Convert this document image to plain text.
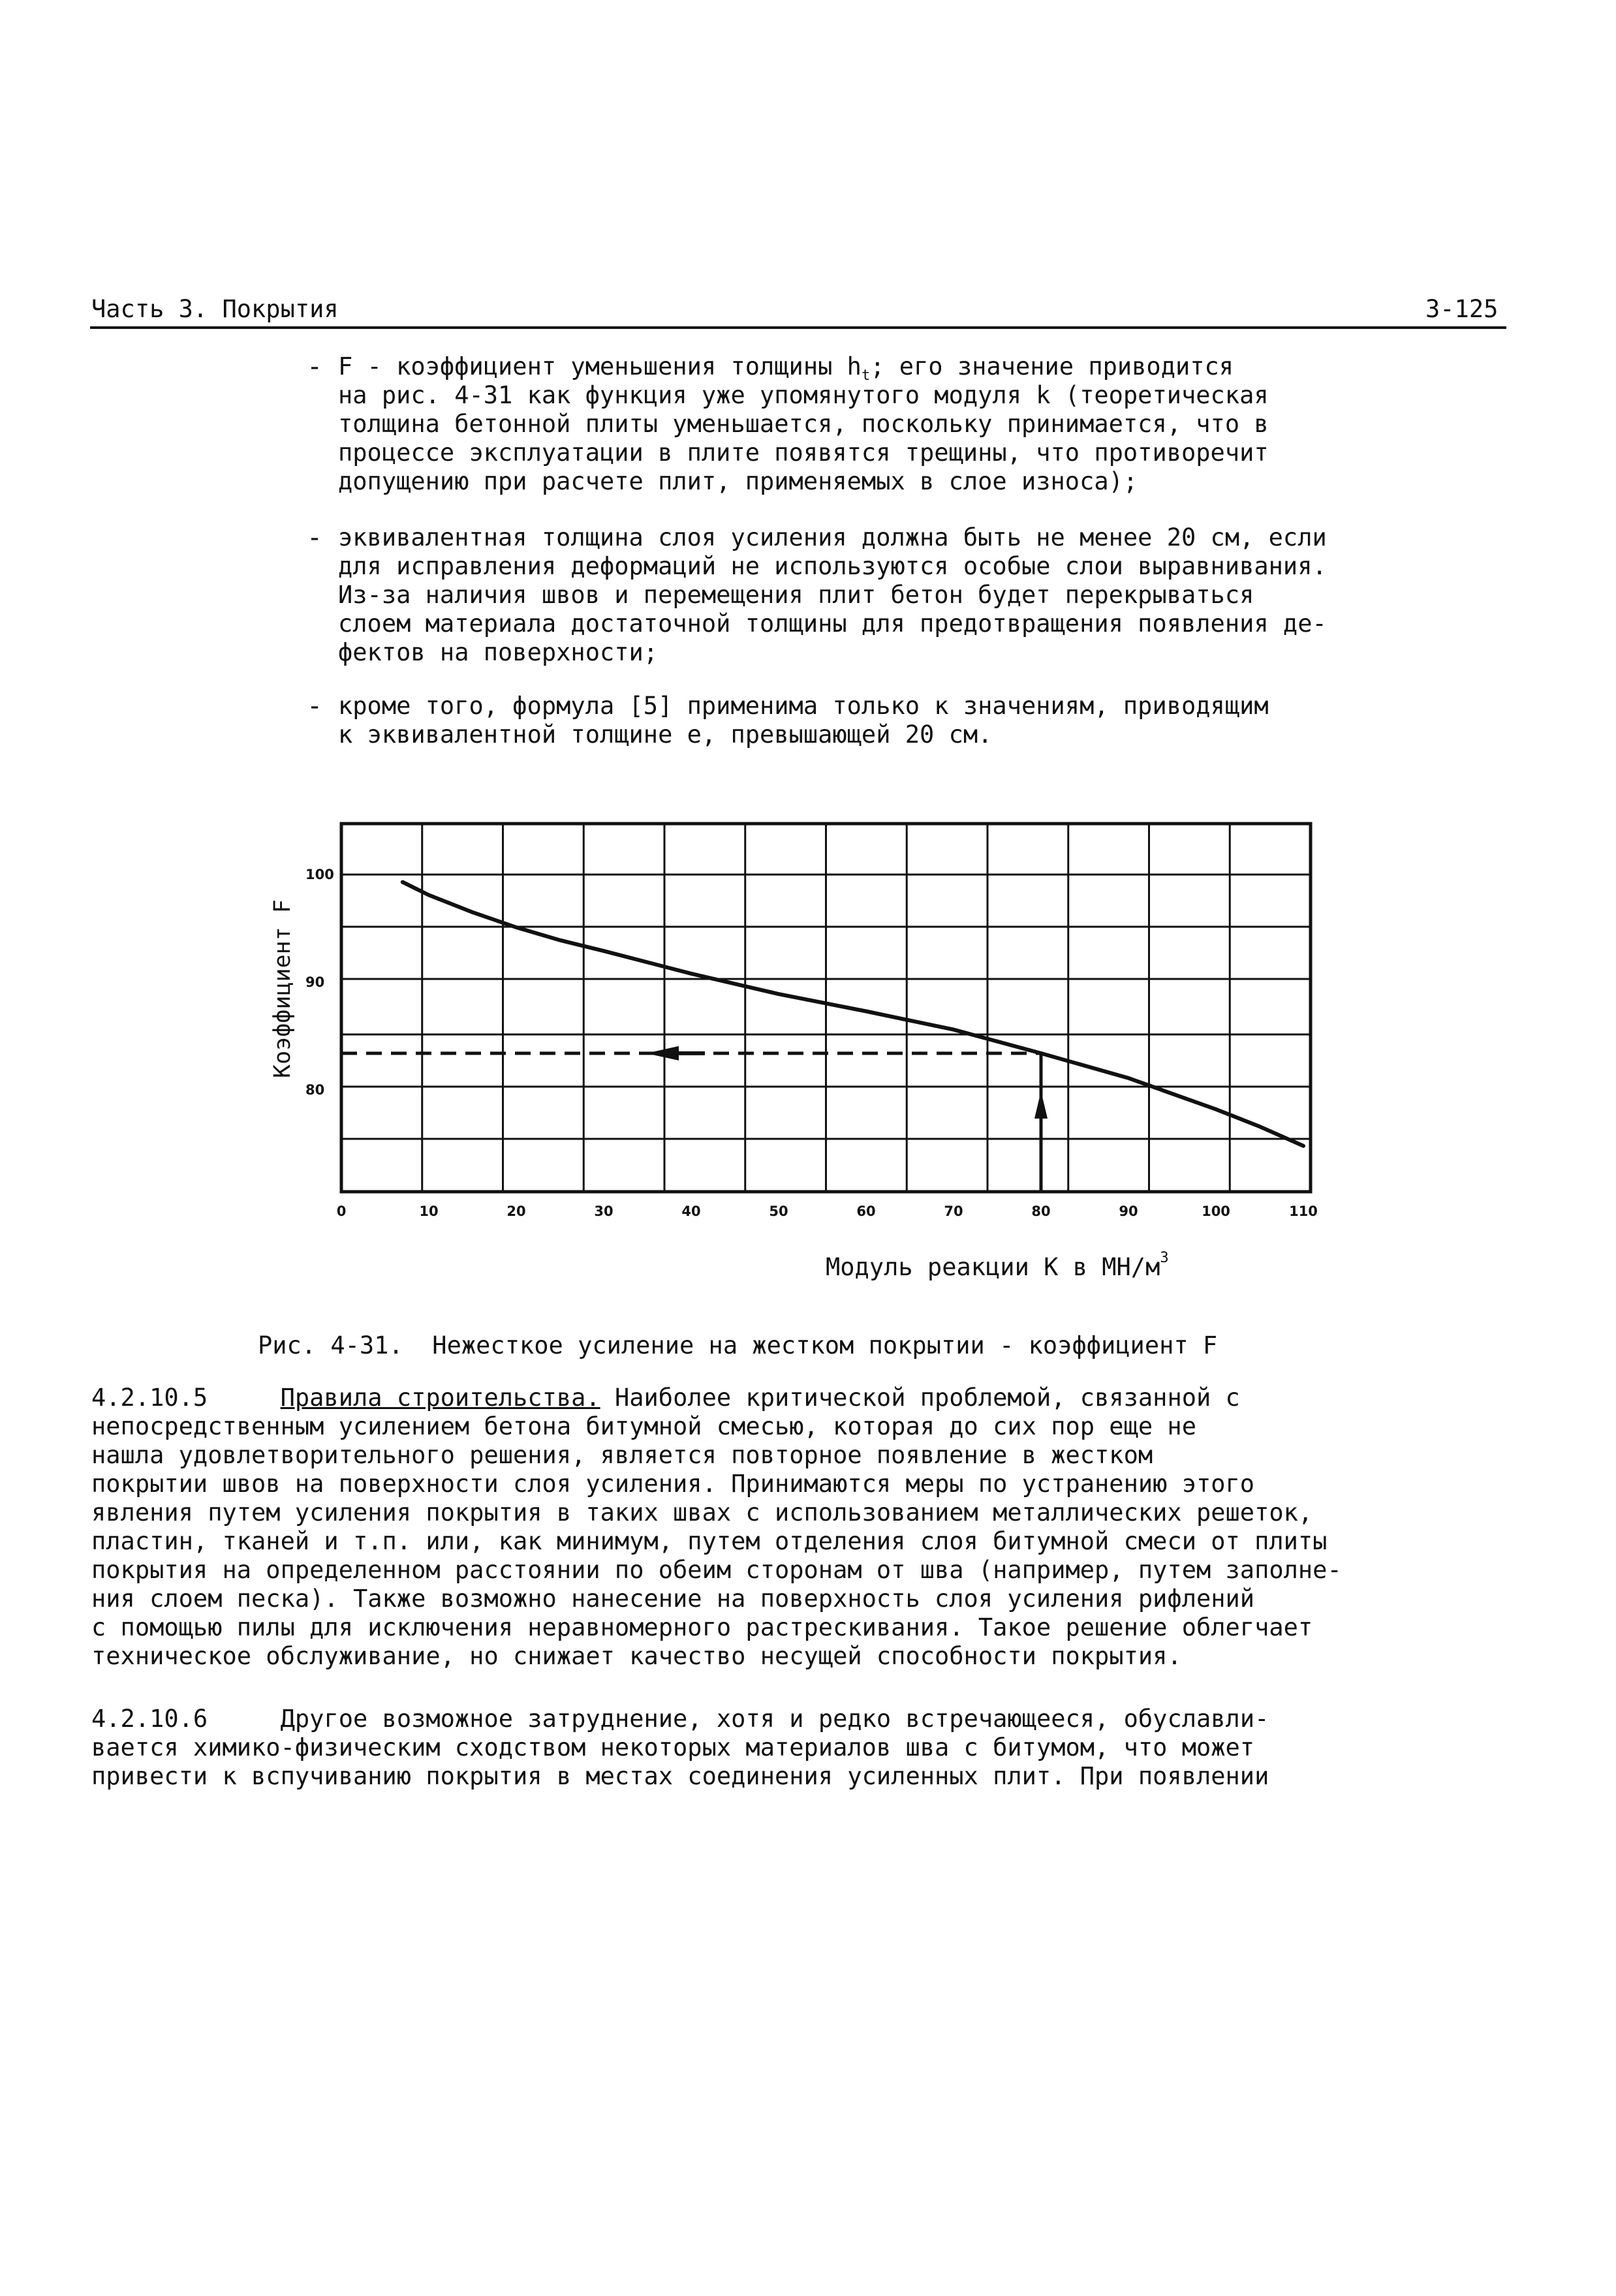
Часть 3. Покрытия	3-125
- F - коэффициент уменьшения толщины $h_t$; его значение приводится
на рис. 4-31 как функция уже упомянутого модуля k (теоретическая
толщина бетонной плиты уменьшается, поскольку принимается, что в
процессе эксплуатации в плите появятся трещины, что противоречит
допущению при расчете плит, применяемых в слое износа);
- эквивалентная толщина слоя усиления должна быть не менее 20 см, если
для исправления деформаций не используются особые слои выравнивания.
Из-за наличия швов и перемещения плит бетон будет перекрываться
слоем материала достаточной толщины для предотвращения появления де-
фектов на поверхности;
- кроме того, формула [5] применима только к значениям, приводящим
к эквивалентной толщине е, превышающей 20 см.
Коэффициент F
Модуль реакции К в $МН/м^3$
0	10	20	30	40	50	60	70	80	90	100	110
100
90
80
Рис. 4-31.  Нежесткое усиление на жестком покрытии - коэффициент F
4.2.10.5	Правила строительства. Наиболее критической проблемой, связанной с
непосредственным усилением бетона битумной смесью, которая до сих пор еще не
нашла удовлетворительного решения, является повторное появление в жестком
покрытии швов на поверхности слоя усиления. Принимаются меры по устранению этого
явления путем усиления покрытия в таких швах с использованием металлических решеток,
пластин, тканей и т.п. или, как минимум, путем отделения слоя битумной смеси от плиты
покрытия на определенном расстоянии по обеим сторонам от шва (например, путем заполне-
ния слоем песка). Также возможно нанесение на поверхность слоя усиления рифлений
с помощью пилы для исключения неравномерного растрескивания. Такое решение облегчает
техническое обслуживание, но снижает качество несущей способности покрытия.
4.2.10.6	Другое возможное затруднение, хотя и редко встречающееся, обуславли-
вается химико-физическим сходством некоторых материалов шва с битумом, что может
привести к вспучиванию покрытия в местах соединения усиленных плит. При появлении
